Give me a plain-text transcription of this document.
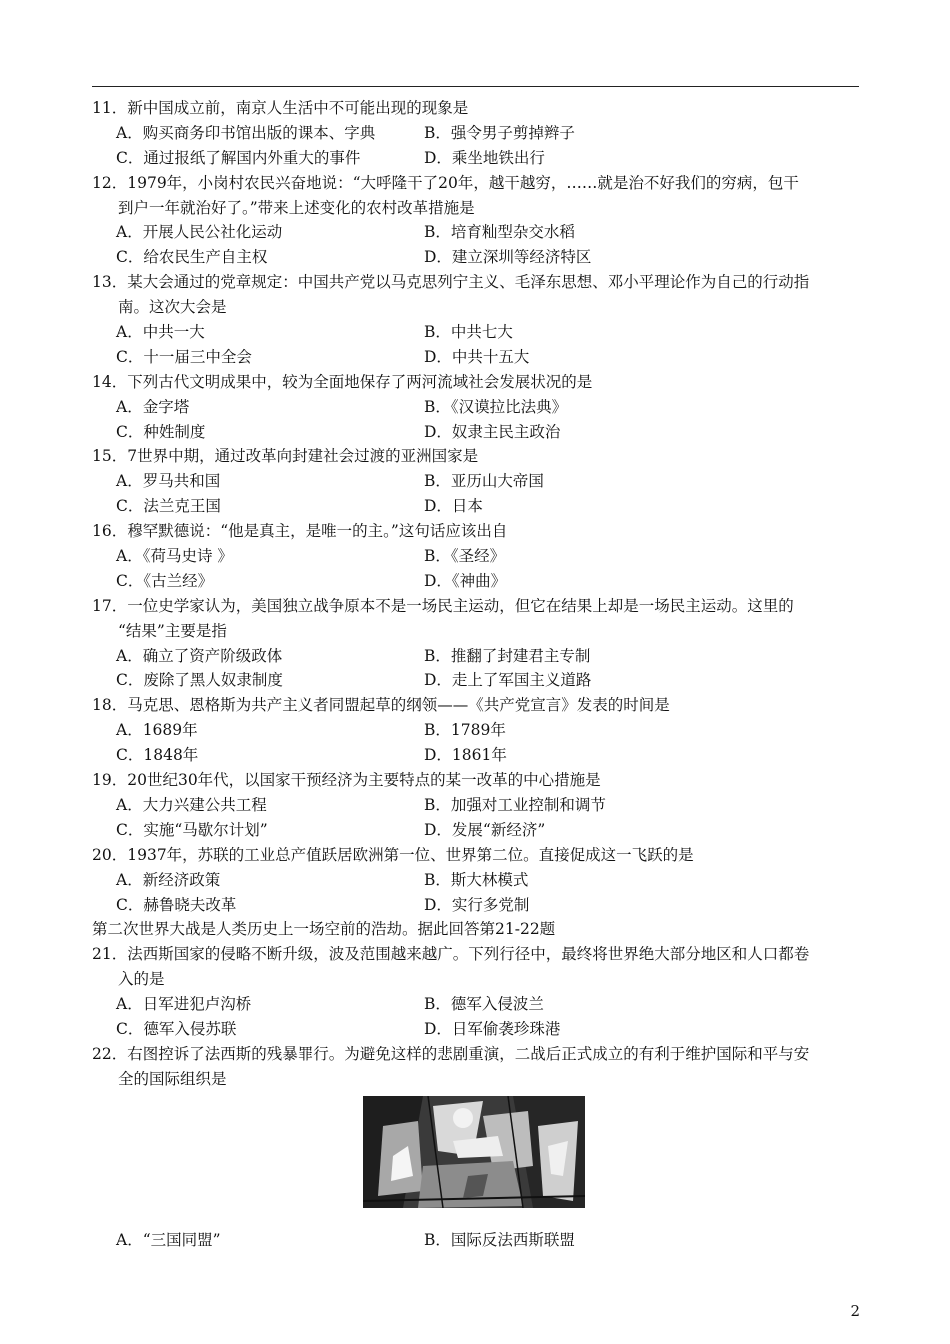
11．新中国成立前，南京人生活中不可能出现的现象是
A．购买商务印书馆出版的课本、字典	B．强令男子剪掉辫子
C．通过报纸了解国内外重大的事件	D．乘坐地铁出行
12．1979年，小岗村农民兴奋地说：“大呼隆干了20年，越干越穷，……就是治不好我们的穷病，包干
到户一年就治好了。”带来上述变化的农村改革措施是
A．开展人民公社化运动	B．培育籼型杂交水稻
C．给农民生产自主权	D．建立深圳等经济特区
13．某大会通过的党章规定：中国共产党以马克思列宁主义、毛泽东思想、邓小平理论作为自己的行动指
南。这次大会是
A．中共一大	B．中共七大
C．十一届三中全会	D．中共十五大
14．下列古代文明成果中，较为全面地保存了两河流域社会发展状况的是
A．金字塔	B．《汉谟拉比法典》
C．种姓制度	D．奴隶主民主政治
15．7世界中期，通过改革向封建社会过渡的亚洲国家是
A．罗马共和国	B．亚历山大帝国
C．法兰克王国	D．日本
16．穆罕默德说：“他是真主，是唯一的主。”这句话应该出自
A．《荷马史诗 》	B．《圣经》
C．《古兰经》	D．《神曲》
17．一位史学家认为，美国独立战争原本不是一场民主运动，但它在结果上却是一场民主运动。这里的
“结果”主要是指
A．确立了资产阶级政体	B．推翻了封建君主专制
C．废除了黑人奴隶制度	D．走上了军国主义道路
18．马克思、恩格斯为共产主义者同盟起草的纲领——《共产党宣言》发表的时间是
A．1689年	B．1789年
C．1848年	D．1861年
19．20世纪30年代，以国家干预经济为主要特点的某一改革的中心措施是
A．大力兴建公共工程	B．加强对工业控制和调节
C．实施“马歇尔计划”	D．发展“新经济”
20．1937年，苏联的工业总产值跃居欧洲第一位、世界第二位。直接促成这一飞跃的是
A．新经济政策	B．斯大林模式
C．赫鲁晓夫改革	D．实行多党制
第二次世界大战是人类历史上一场空前的浩劫。据此回答第21-22题
21．法西斯国家的侵略不断升级，波及范围越来越广。下列行径中，最终将世界绝大部分地区和人口都卷
入的是
A．日军进犯卢沟桥	B．德军入侵波兰
C．德军入侵苏联	D．日军偷袭珍珠港
22．右图控诉了法西斯的残暴罪行。为避免这样的悲剧重演，二战后正式成立的有利于维护国际和平与安
全的国际组织是
A．“三国同盟”	B．国际反法西斯联盟
2
